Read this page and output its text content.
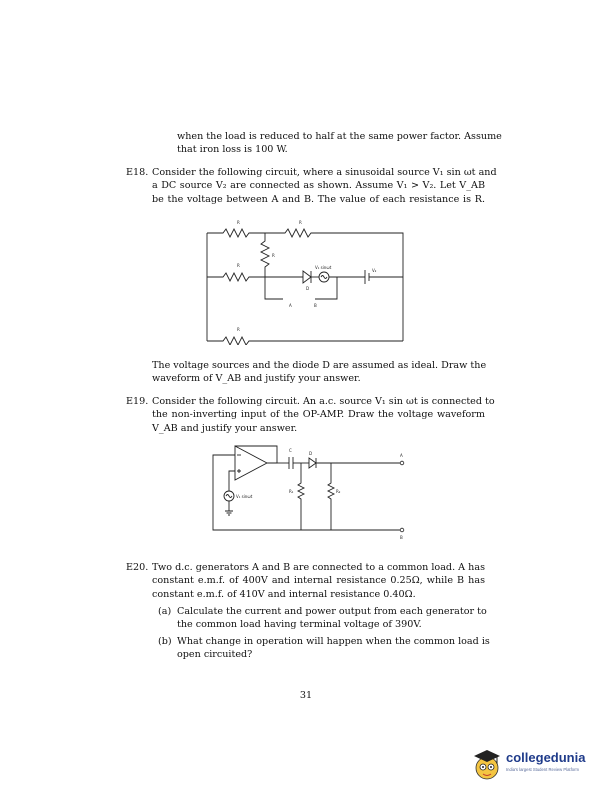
when the load is reduced to half at the same power factor. Assume
that iron loss is 100 W.
E18. Consider the following circuit, where a sinusoidal source V₁ sin ωt and
a DC source V₂ are connected as shown. Assume V₁ > V₂. Let V_AB
be the voltage between A and B. The value of each resistance is R.
R	R
R
R
R
V₁ sinωt
V₂
D
A	B
The voltage sources and the diode D are assumed as ideal. Draw the
waveform of V_AB and justify your answer.
E19. Consider the following circuit. An a.c. source V₁ sin ωt is connected to
the non-inverting input of the OP-AMP. Draw the voltage waveform
V_AB and justify your answer.
C
D	A
B
R₁	R₂
V₁ sinωt
E20. Two d.c. generators A and B are connected to a common load. A has
constant e.m.f. of 400V and internal resistance 0.25Ω, while B has
constant e.m.f. of 410V and internal resistance 0.40Ω.
(a) Calculate the current and power output from each generator to
the common load having terminal voltage of 390V.
(b) What change in operation will happen when the common load is
open circuited?
31
collegedunia
India's largest Student Review Platform
